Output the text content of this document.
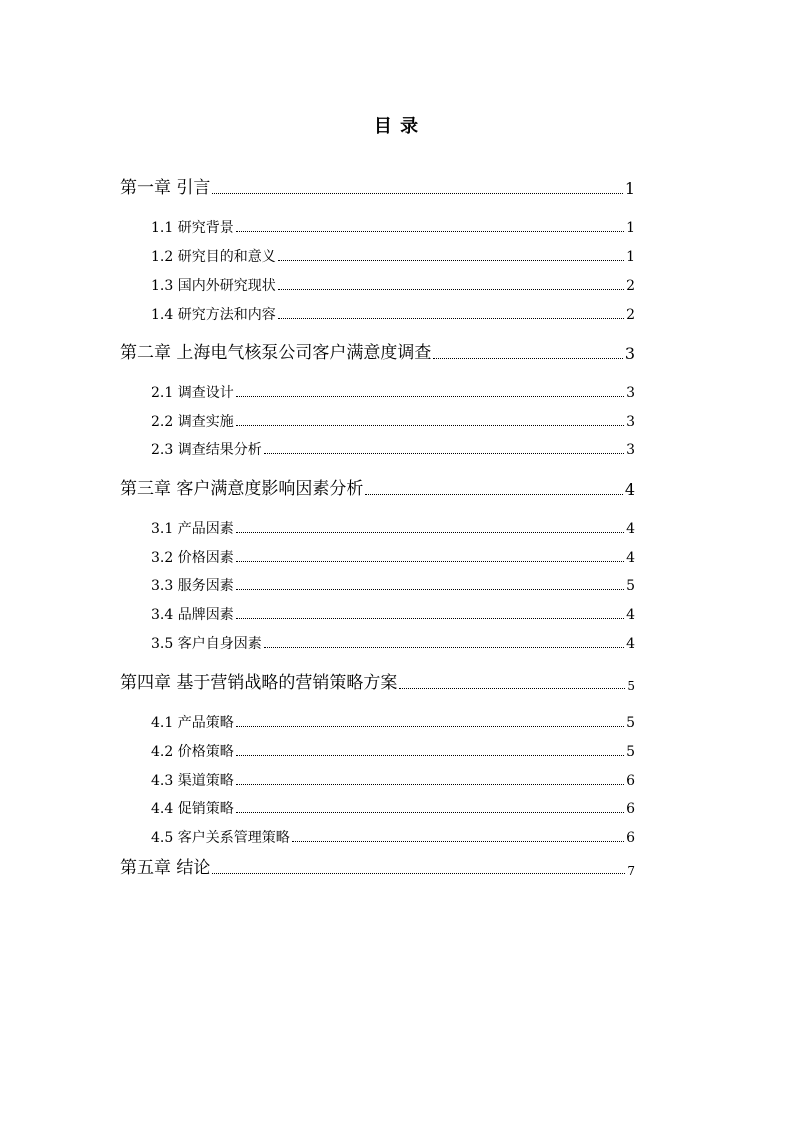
目 录
第一章 引言	1
1.1 研究背景	1
1.2 研究目的和意义	1
1.3 国内外研究现状	2
1.4 研究方法和内容	2
第二章 上海电气核泵公司客户满意度调查	3
2.1 调查设计	3
2.2 调查实施	3
2.3 调查结果分析	3
第三章 客户满意度影响因素分析	4
3.1 产品因素	4
3.2 价格因素	4
3.3 服务因素	5
3.4 品牌因素	4
3.5 客户自身因素	4
第四章 基于营销战略的营销策略方案	5
4.1 产品策略	5
4.2 价格策略	5
4.3 渠道策略	6
4.4 促销策略	6
4.5 客户关系管理策略	6
第五章 结论	7
